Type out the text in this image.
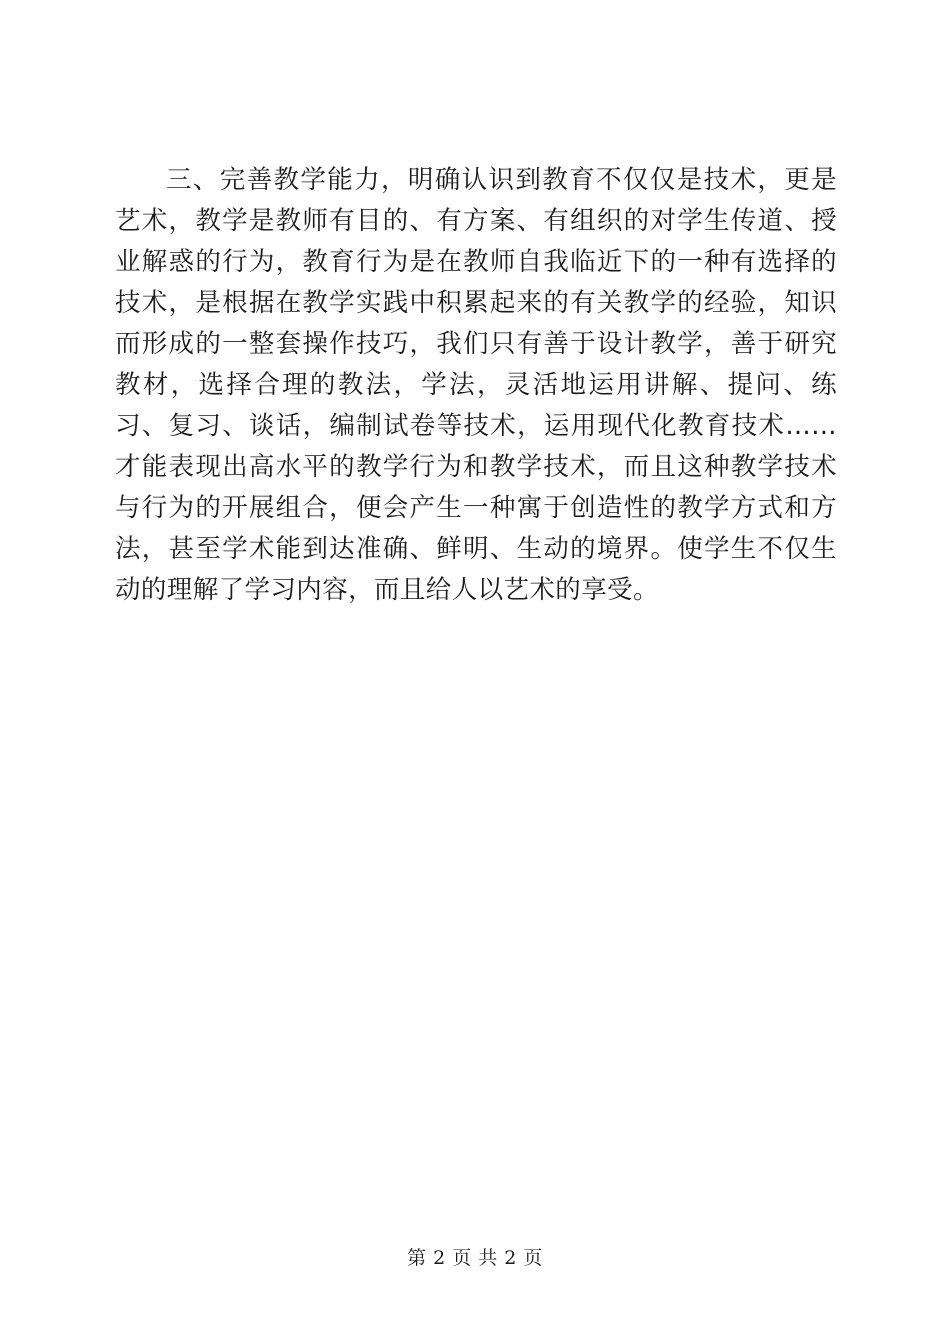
三、完善教学能力，明确认识到教育不仅仅是技术，更是艺术，教学是教师有目的、有方案、有组织的对学生传道、授业解惑的行为，教育行为是在教师自我临近下的一种有选择的技术，是根据在教学实践中积累起来的有关教学的经验，知识而形成的一整套操作技巧，我们只有善于设计教学，善于研究教材，选择合理的教法，学法，灵活地运用讲解、提问、练习、复习、谈话，编制试卷等技术，运用现代化教育技术……才能表现出高水平的教学行为和教学技术，而且这种教学技术与行为的开展组合，便会产生一种寓于创造性的教学方式和方法，甚至学术能到达准确、鲜明、生动的境界。使学生不仅生动的理解了学习内容，而且给人以艺术的享受。

第 2 页 共 2 页
